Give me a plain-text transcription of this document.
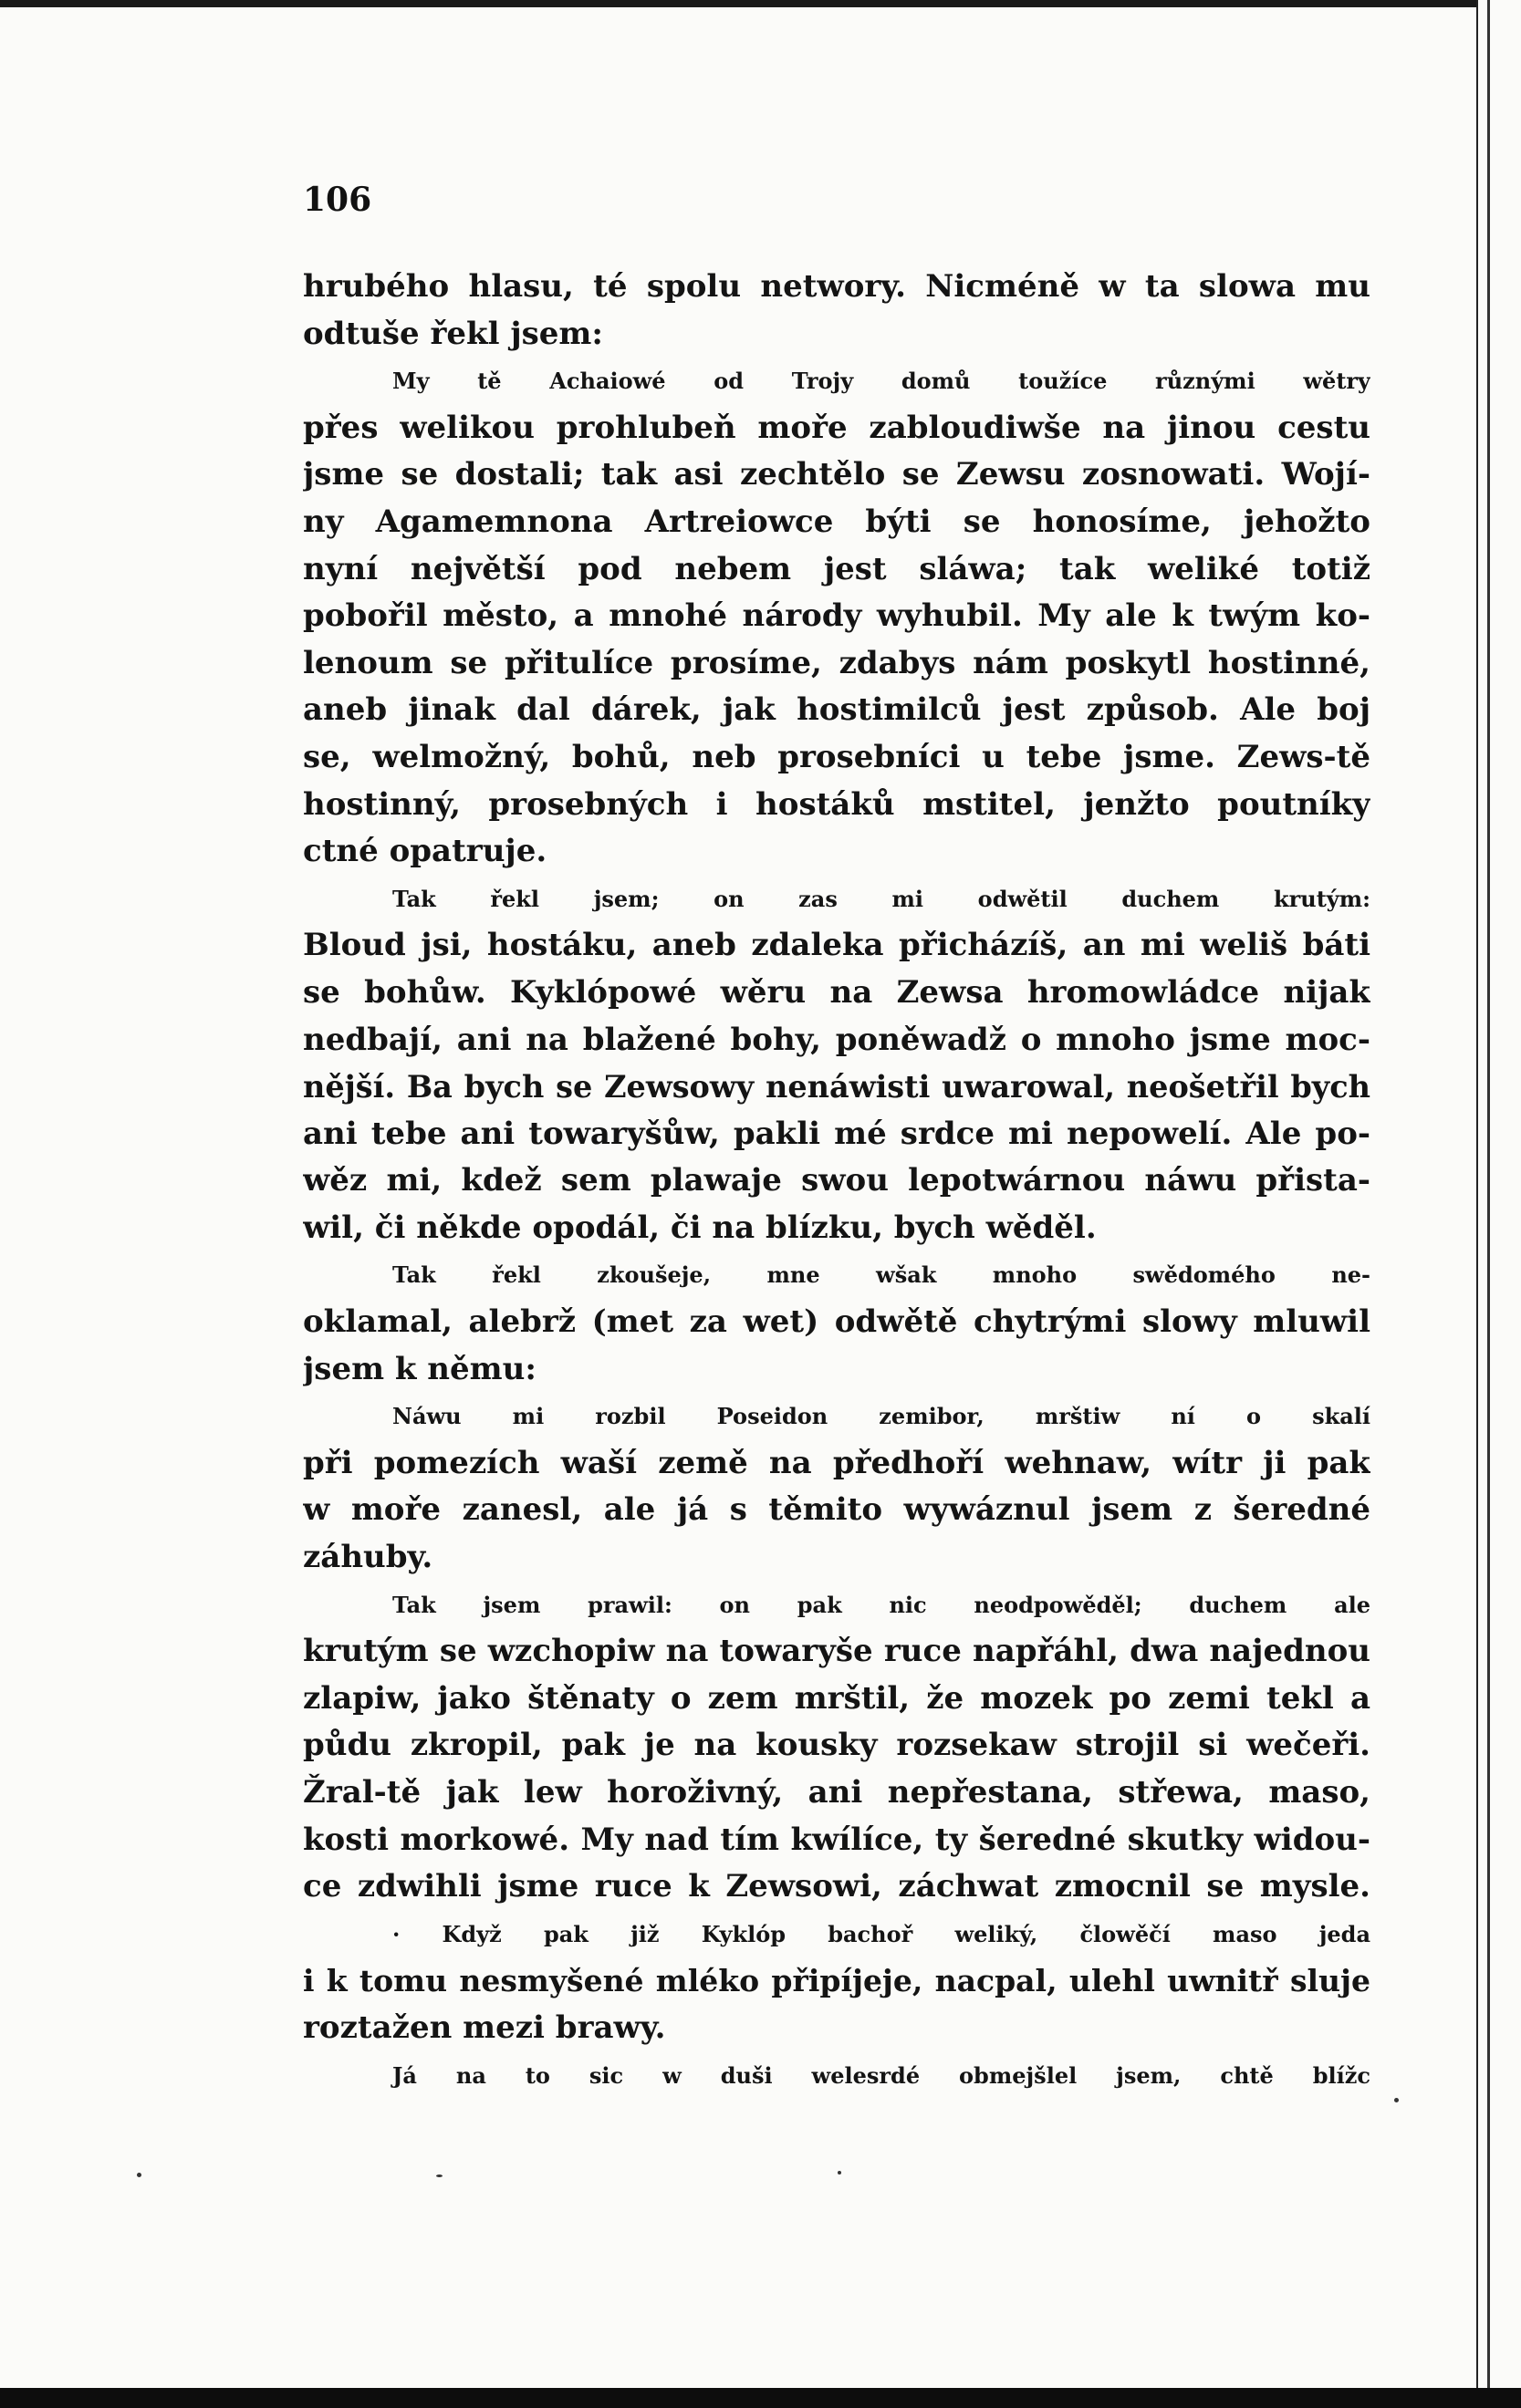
106
hrubého hlasu, té spolu networy. Nicméně w ta slowa mu
odtuše řekl jsem:
My tě Achaiowé od Trojy domů toužíce různými wětry
přes welikou prohlubeň moře zabloudiwše na jinou cestu
jsme se dostali; tak asi zechtělo se Zewsu zosnowati. Wojí-
ny Agamemnona Artreiowce býti se honosíme, jehožto
nyní největší pod nebem jest sláwa; tak weliké totiž
pobořil město, a mnohé národy wyhubil. My ale k twým ko-
lenoum se přitulíce prosíme, zdabys nám poskytl hostinné,
aneb jinak dal dárek, jak hostimilců jest způsob. Ale boj
se, welmožný, bohů, neb prosebníci u tebe jsme. Zews-tě
hostinný, prosebných i hostáků mstitel, jenžto poutníky
ctné opatruje.
Tak řekl jsem; on zas mi odwětil duchem krutým:
Bloud jsi, hostáku, aneb zdaleka přicházíš, an mi weliš báti
se bohůw. Kyklópowé wěru na Zewsa hromowládce nijak
nedbají, ani na blažené bohy, poněwadž o mnoho jsme moc-
nější. Ba bych se Zewsowy nenáwisti uwarowal, neošetřil bych
ani tebe ani towaryšůw, pakli mé srdce mi nepowelí. Ale po-
wěz mi, kdež sem plawaje swou lepotwárnou náwu přista-
wil, či někde opodál, či na blízku, bych wěděl.
Tak řekl zkoušeje, mne wšak mnoho swědomého ne-
oklamal, alebrž (met za wet) odwětě chytrými slowy mluwil
jsem k němu:
Náwu mi rozbil Poseidon zemibor, mrštiw ní o skalí
při pomezích waší země na předhoří wehnaw, wítr ji pak
w moře zanesl, ale já s těmito wywáznul jsem z šeredné
záhuby.
Tak jsem prawil: on pak nic neodpowěděl; duchem ale
krutým se wzchopiw na towaryše ruce napřáhl, dwa najednou
zlapiw, jako štěnaty o zem mrštil, že mozek po zemi tekl a
půdu zkropil, pak je na kousky rozsekaw strojil si wečeři.
Žral-tě jak lew horoživný, ani nepřestana, střewa, maso,
kosti morkowé. My nad tím kwílíce, ty šeredné skutky widou-
ce zdwihli jsme ruce k Zewsowi, záchwat zmocnil se mysle.
· Když pak již Kyklóp bachoř weliký, člowěčí maso jeda
i k tomu nesmyšené mléko připíjeje, nacpal, ulehl uwnitř sluje
roztažen mezi brawy.
Já na to sic w duši welesrdé obmejšlel jsem, chtě blížc
